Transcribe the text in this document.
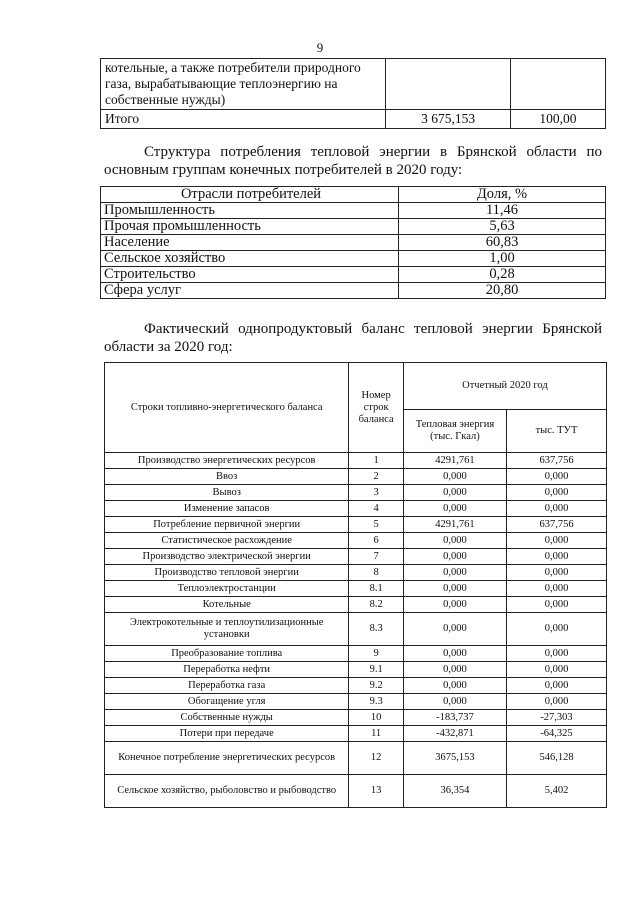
9
котельные, а также потребители природного газа, вырабатывающие теплоэнергию на собственные нужды)		
Итого	3 675,153	100,00
Структура потребления тепловой энергии в Брянской области по
основным группам конечных потребителей в 2020 году:
Отрасли потребителей	Доля, %
Промышленность	11,46
Прочая промышленность	5,63
Население	60,83
Сельское хозяйство	1,00
Строительство	0,28
Сфера услуг	20,80
Фактический однопродуктовый баланс тепловой энергии Брянской
области за 2020 год:
Строки топливно-энергетического баланса	Номер строк баланса	Отчетный 2020 год	
		Тепловая энергия (тыс. Гкал)	тыс. ТУТ
Производство энергетических ресурсов	1	4291,761	637,756
Ввоз	2	0,000	0,000
Вывоз	3	0,000	0,000
Изменение запасов	4	0,000	0,000
Потребление первичной энергии	5	4291,761	637,756
Статистическое расхождение	6	0,000	0,000
Производство электрической энергии	7	0,000	0,000
Производство тепловой энергии	8	0,000	0,000
Теплоэлектростанции	8.1	0,000	0,000
Котельные	8.2	0,000	0,000
Электрокотельные и теплоутилизационные установки	8.3	0,000	0,000
Преобразование топлива	9	0,000	0,000
Переработка нефти	9.1	0,000	0,000
Переработка газа	9.2	0,000	0,000
Обогащение угля	9.3	0,000	0,000
Собственные нужды	10	-183,737	-27,303
Потери при передаче	11	-432,871	-64,325
Конечное потребление энергетических ресурсов	12	3675,153	546,128
Сельское хозяйство, рыболовство и рыбоводство	13	36,354	5,402
